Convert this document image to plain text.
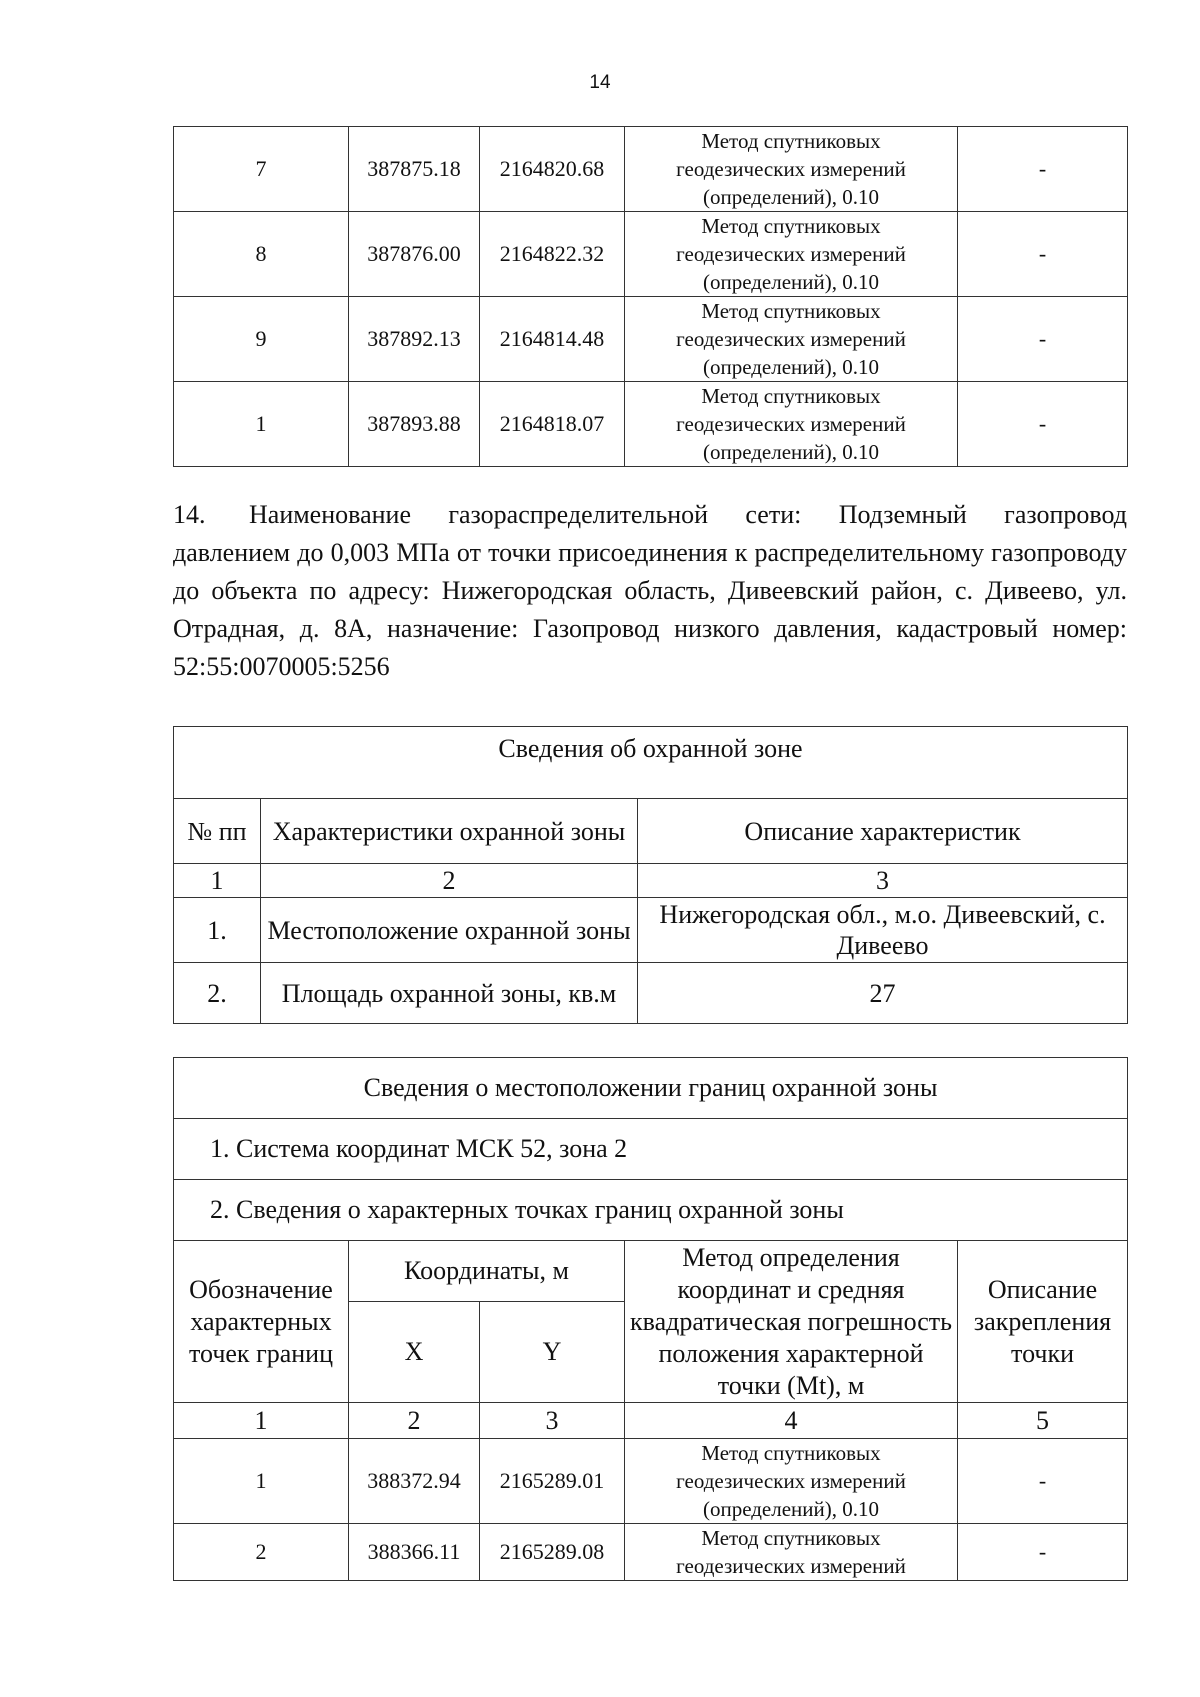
14
7	387875.18	2164820.68	Метод спутниковых
геодезических измерений
(определений), 0.10	-
8	387876.00	2164822.32	Метод спутниковых
геодезических измерений
(определений), 0.10	-
9	387892.13	2164814.48	Метод спутниковых
геодезических измерений
(определений), 0.10	-
1	387893.88	2164818.07	Метод спутниковых
геодезических измерений
(определений), 0.10	-

14. Наименование газораспределительной сети: Подземный газопровод давлением до 0,003 МПа от точки присоединения к распределительному газопроводу до объекта по адресу: Нижегородская область, Дивеевский район, с. Дивеево, ул. Отрадная, д. 8А, назначение: Газопровод низкого давления, кадастровый номер: 52:55:0070005:5256

Сведения об охранной зоне		
№ пп	Характеристики охранной зоны	Описание характеристик
1	2	3
1.	Местоположение охранной зоны	Нижегородская обл., м.о. Дивеевский, с. Дивеево
2.	Площадь охранной зоны, кв.м	27
Сведения о местоположении границ охранной зоны				
1. Система координат МСК 52, зона 2				
2. Сведения о характерных точках границ охранной зоны				
Обозначение характерных точек границ	Координаты, м		Метод определения координат и средняя квадратическая погрешность положения характерной точки (Mt), м	Описание закрепления точки
	X	Y		
1	2	3	4	5
1	388372.94	2165289.01	Метод спутниковых
геодезических измерений
(определений), 0.10	-
2	388366.11	2165289.08	Метод спутниковых
геодезических измерений	-
